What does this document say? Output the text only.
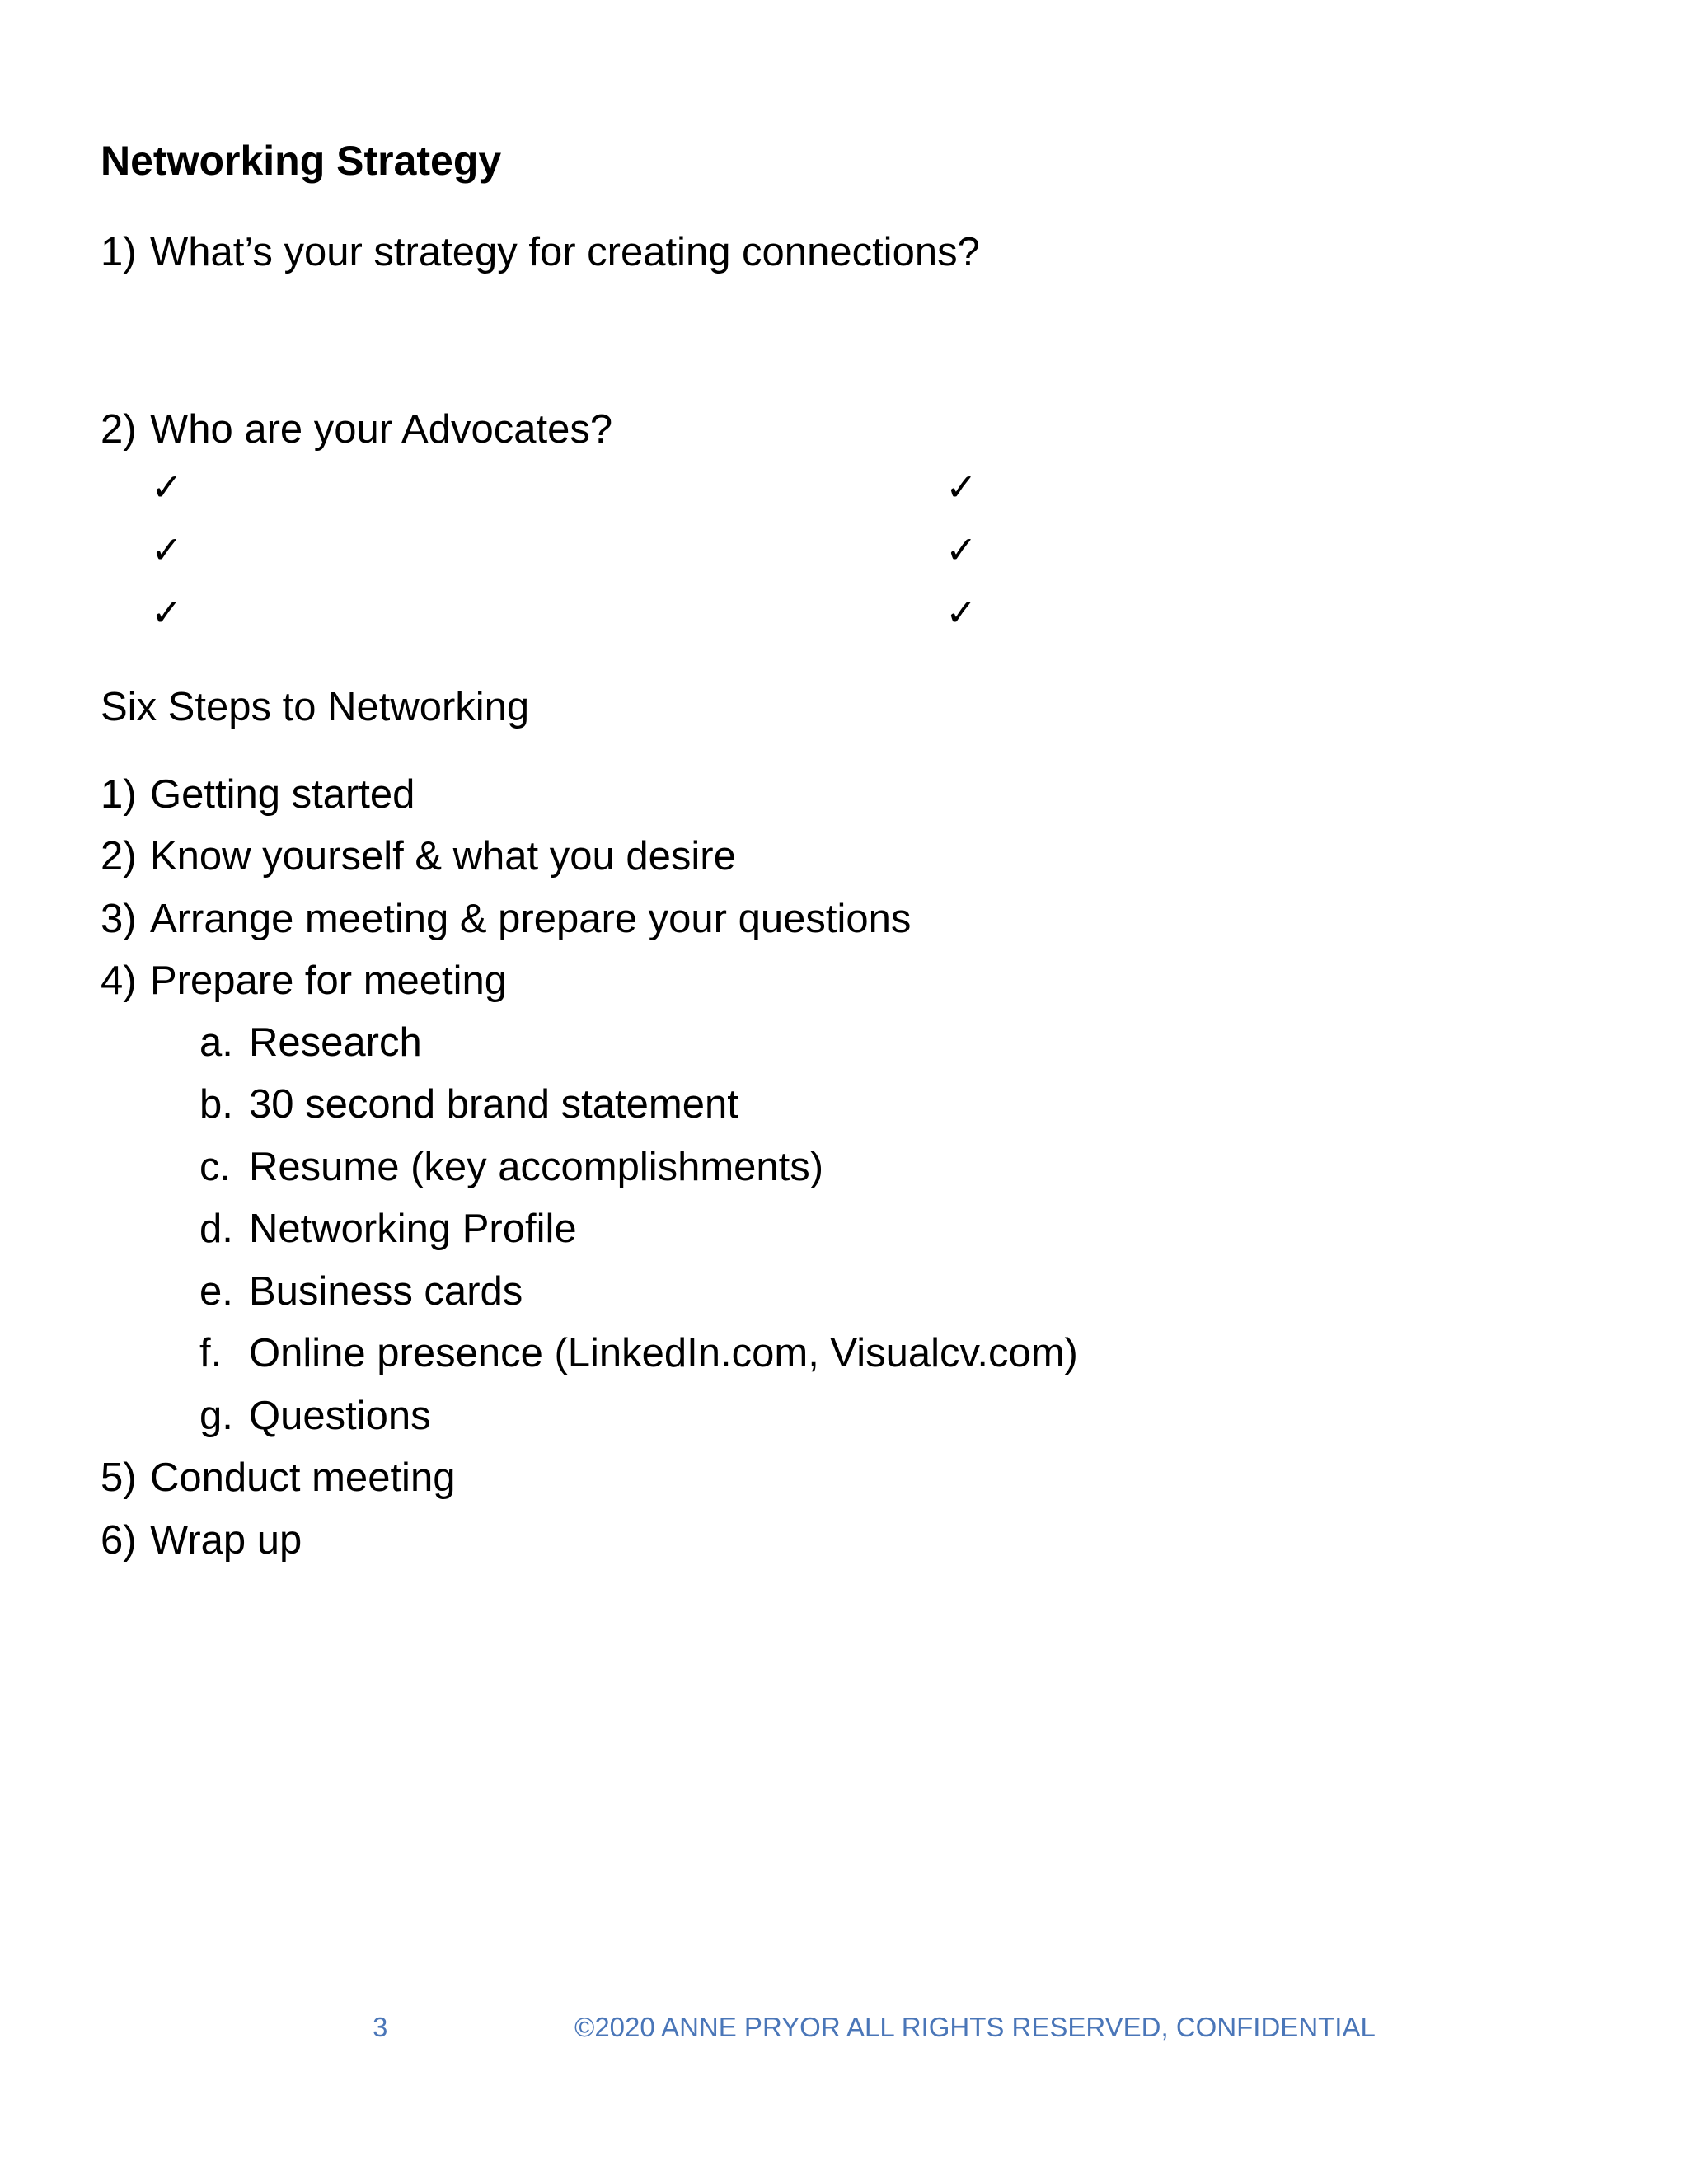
Networking Strategy
1) What’s your strategy for creating connections?
2) Who are your Advocates?
✓	✓
✓	✓
✓	✓
Six Steps to Networking
1) Getting started
2) Know yourself & what you desire
3) Arrange meeting & prepare your questions
4) Prepare for meeting
a. Research
b. 30 second brand statement
c. Resume (key accomplishments)
d. Networking Profile
e. Business cards
f. Online presence (LinkedIn.com, Visualcv.com)
g. Questions
5) Conduct meeting
6) Wrap up
3	©2020 ANNE PRYOR ALL RIGHTS RESERVED, CONFIDENTIAL
